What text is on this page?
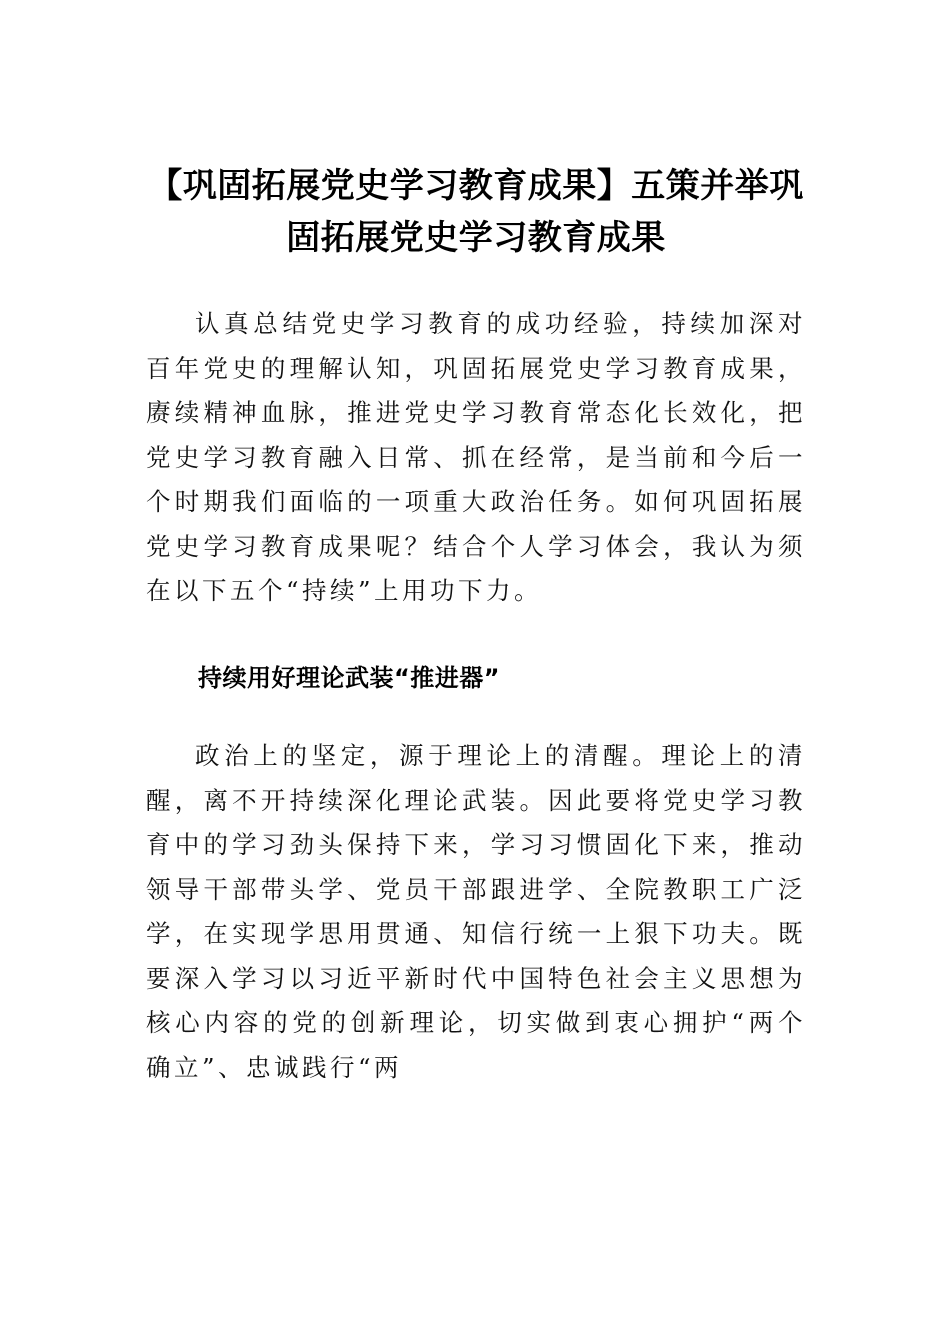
【巩固拓展党史学习教育成果】五策并举巩固拓展党史学习教育成果

认真总结党史学习教育的成功经验，持续加深对百年党史的理解认知，巩固拓展党史学习教育成果，赓续精神血脉，推进党史学习教育常态化长效化，把党史学习教育融入日常、抓在经常，是当前和今后一个时期我们面临的一项重大政治任务。如何巩固拓展党史学习教育成果呢？结合个人学习体会，我认为须在以下五个“持续”上用功下力。

持续用好理论武装“推进器”

政治上的坚定，源于理论上的清醒。理论上的清醒，离不开持续深化理论武装。因此要将党史学习教育中的学习劲头保持下来，学习习惯固化下来，推动领导干部带头学、党员干部跟进学、全院教职工广泛学，在实现学思用贯通、知信行统一上狠下功夫。既要深入学习以习近平新时代中国特色社会主义思想为核心内容的党的创新理论，切实做到衷心拥护“两个确立”、忠诚践行“两
